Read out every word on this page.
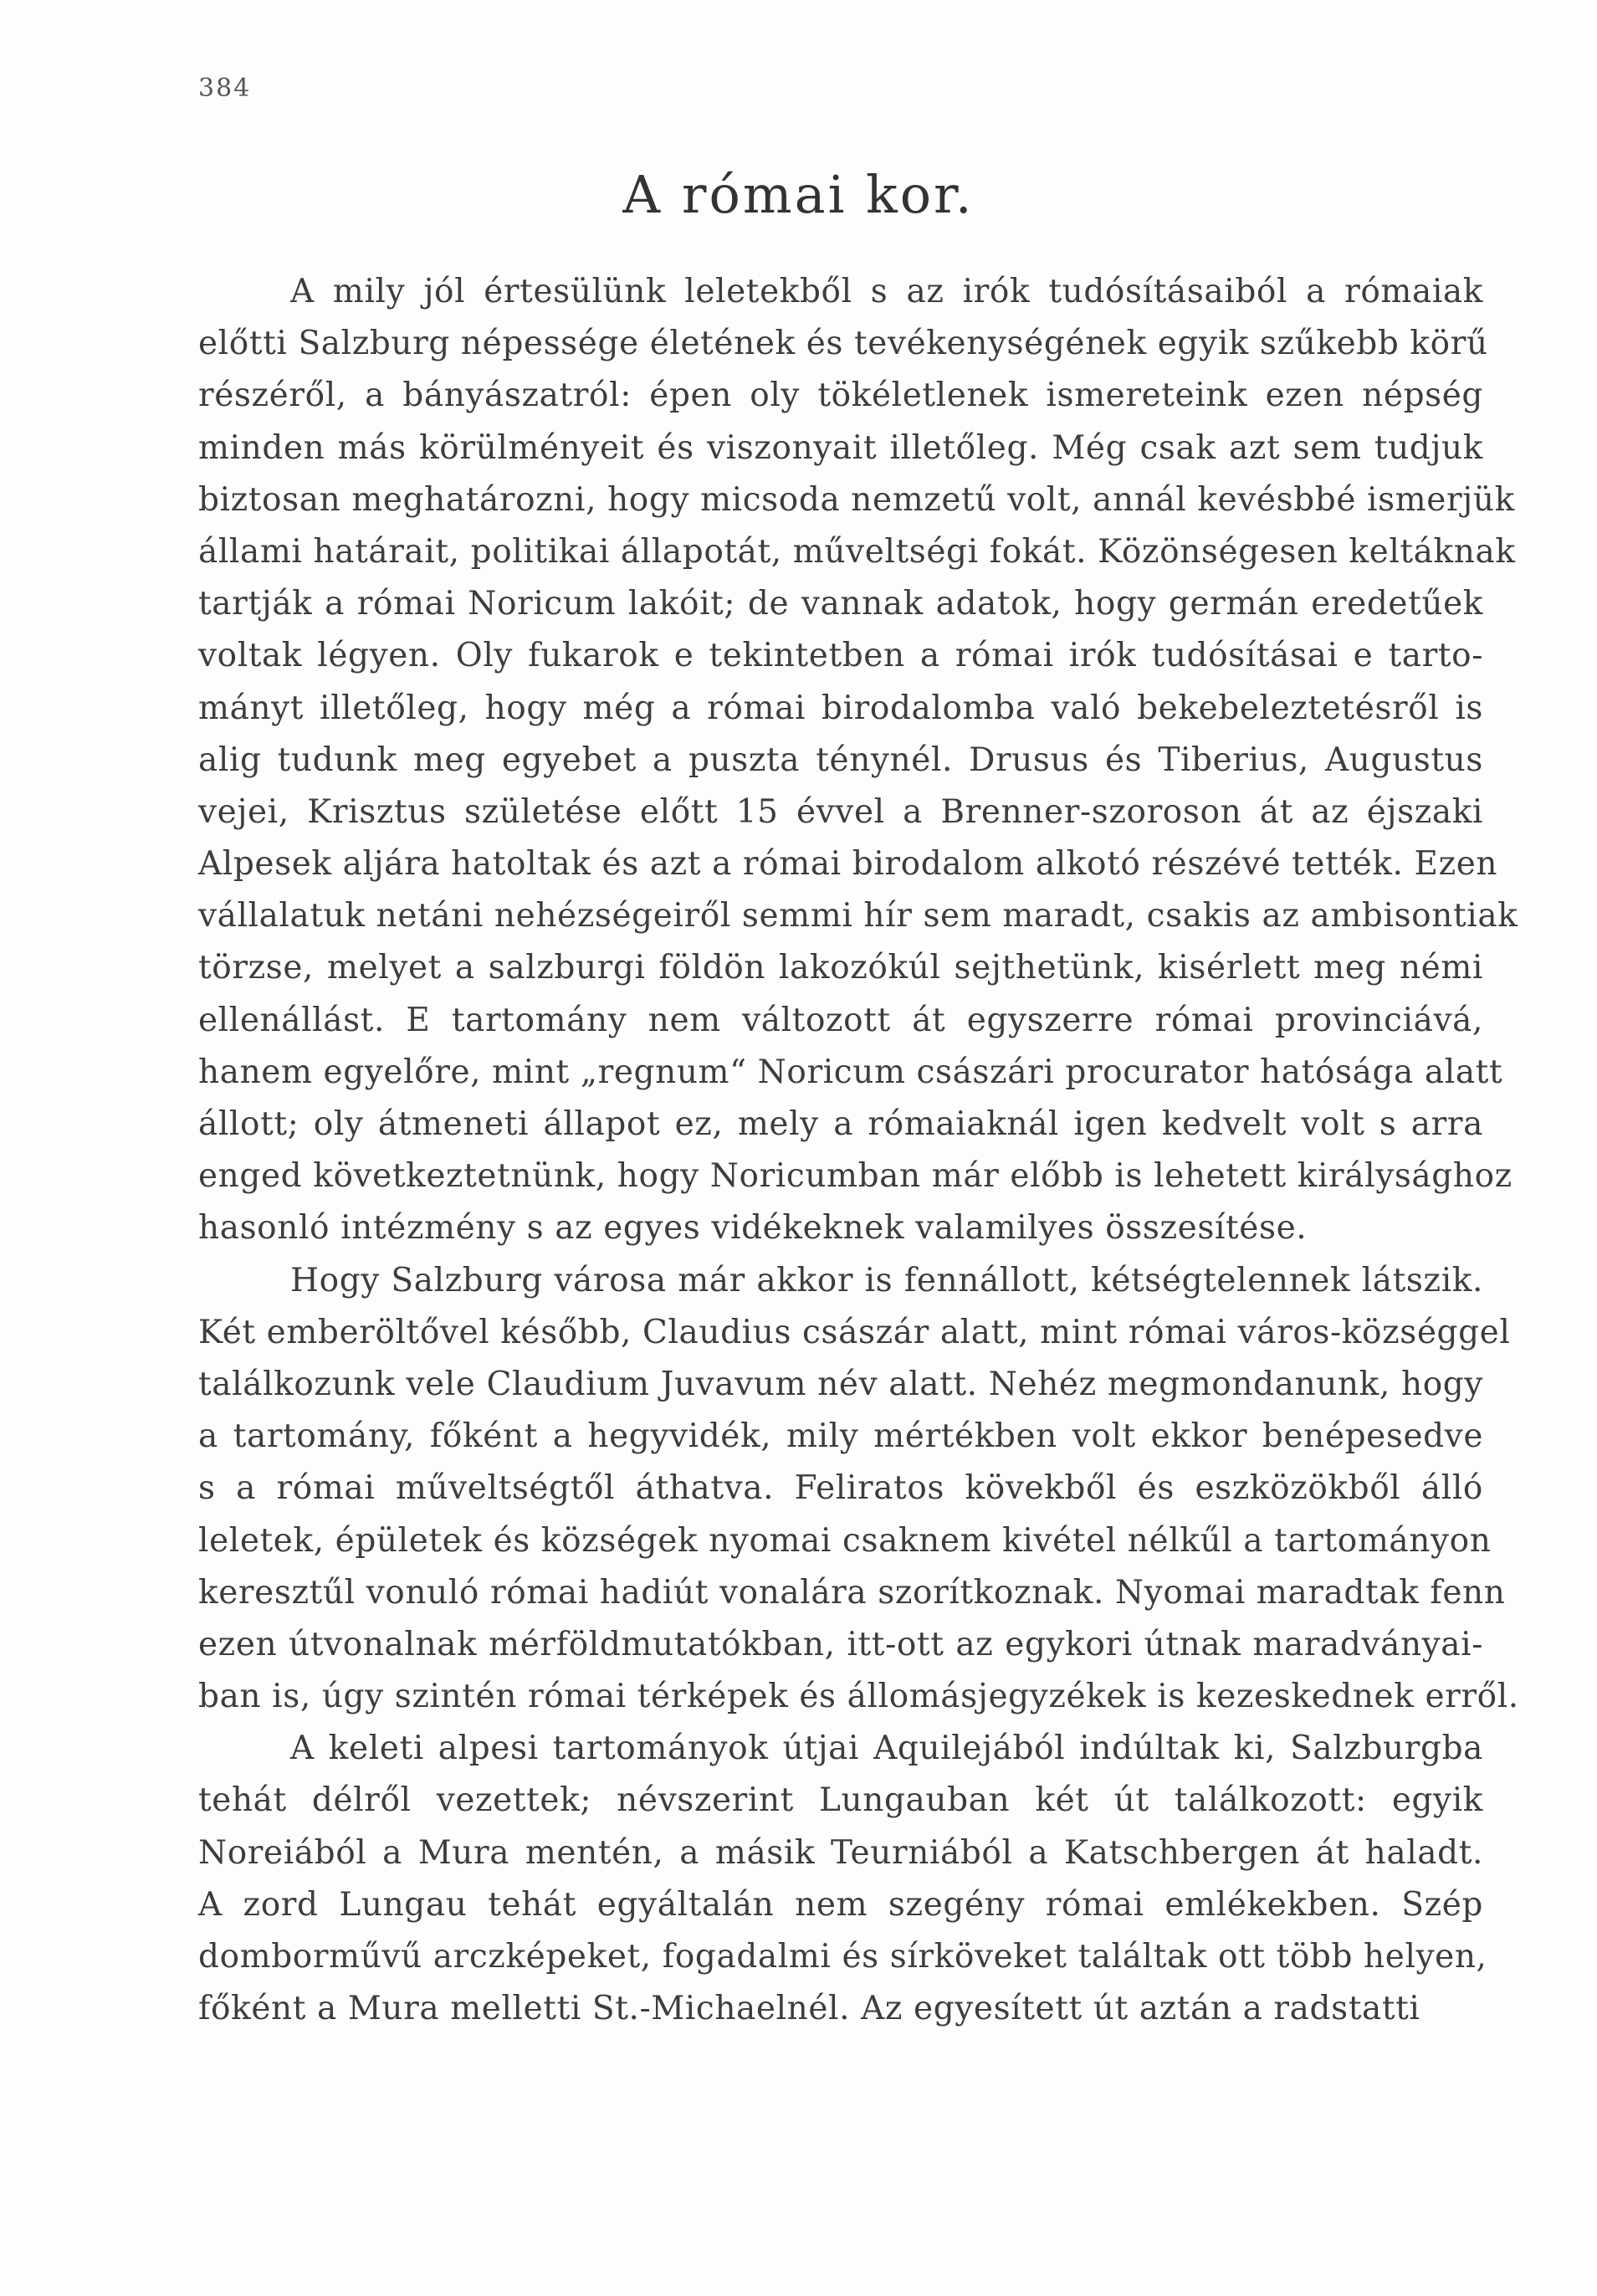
384
A római kor.
A mily jól értesülünk leletekből s az irók tudósításaiból a rómaiak
előtti Salzburg népessége életének és tevékenységének egyik szűkebb körű
részéről, a bányászatról: épen oly tökéletlenek ismereteink ezen népség
minden más körülményeit és viszonyait illetőleg. Még csak azt sem tudjuk
biztosan meghatározni, hogy micsoda nemzetű volt, annál kevésbbé ismerjük
állami határait, politikai állapotát, műveltségi fokát. Közönségesen keltáknak
tartják a római Noricum lakóit; de vannak adatok, hogy germán eredetűek
voltak légyen. Oly fukarok e tekintetben a római irók tudósításai e tarto-
mányt illetőleg, hogy még a római birodalomba való bekebeleztetésről is
alig tudunk meg egyebet a puszta ténynél. Drusus és Tiberius, Augustus
vejei, Krisztus születése előtt 15 évvel a Brenner-szoroson át az éjszaki
Alpesek aljára hatoltak és azt a római birodalom alkotó részévé tették. Ezen
vállalatuk netáni nehézségeiről semmi hír sem maradt, csakis az ambisontiak
törzse, melyet a salzburgi földön lakozókúl sejthetünk, kisérlett meg némi
ellenállást. E tartomány nem változott át egyszerre római provinciává,
hanem egyelőre, mint „regnum“ Noricum császári procurator hatósága alatt
állott; oly átmeneti állapot ez, mely a rómaiaknál igen kedvelt volt s arra
enged következtetnünk, hogy Noricumban már előbb is lehetett királysághoz
hasonló intézmény s az egyes vidékeknek valamilyes összesítése.
Hogy Salzburg városa már akkor is fennállott, kétségtelennek látszik.
Két emberöltővel később, Claudius császár alatt, mint római város-községgel
találkozunk vele Claudium Juvavum név alatt. Nehéz megmondanunk, hogy
a tartomány, főként a hegyvidék, mily mértékben volt ekkor benépesedve
s a római műveltségtől áthatva. Feliratos kövekből és eszközökből álló
leletek, épületek és községek nyomai csaknem kivétel nélkűl a tartományon
keresztűl vonuló római hadiút vonalára szorítkoznak. Nyomai maradtak fenn
ezen útvonalnak mérföldmutatókban, itt-ott az egykori útnak maradványai-
ban is, úgy szintén római térképek és állomásjegyzékek is kezeskednek erről.
A keleti alpesi tartományok útjai Aquilejából indúltak ki, Salzburgba
tehát délről vezettek; névszerint Lungauban két út találkozott: egyik
Noreiából a Mura mentén, a másik Teurniából a Katschbergen át haladt.
A zord Lungau tehát egyáltalán nem szegény római emlékekben. Szép
domborművű arczképeket, fogadalmi és sírköveket találtak ott több helyen,
főként a Mura melletti St.-Michaelnél. Az egyesített út aztán a radstatti
